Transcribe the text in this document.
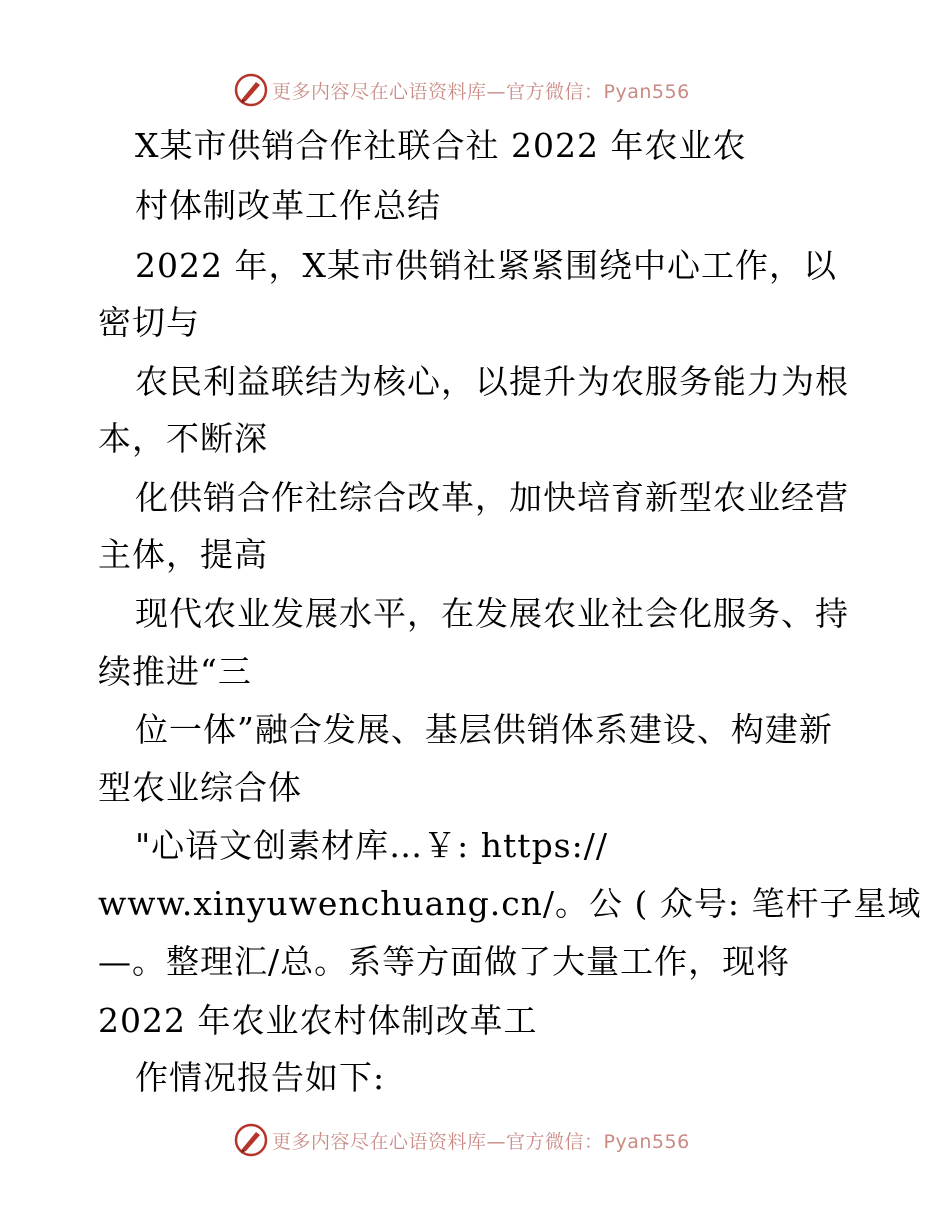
更多内容尽在心语资料库—官方微信：Pyan556

X某市供销合作社联合社 2022 年农业农

村体制改革工作总结

2022 年，X某市供销社紧紧围绕中心工作，以

密切与

农民利益联结为核心，以提升为农服务能力为根

本，不断深

化供销合作社综合改革，加快培育新型农业经营

主体，提高

现代农业发展水平，在发展农业社会化服务、持

续推进“三

位一体”融合发展、基层供销体系建设、构建新

型农业综合体

"心语文创素材库…￥: https://

www.xinyuwenchuang.cn/。公 ( 众号: 笔杆子星域

—。整理汇/总。系等方面做了大量工作，现将

2022 年农业农村体制改革工

作情况报告如下:

更多内容尽在心语资料库—官方微信：Pyan556
